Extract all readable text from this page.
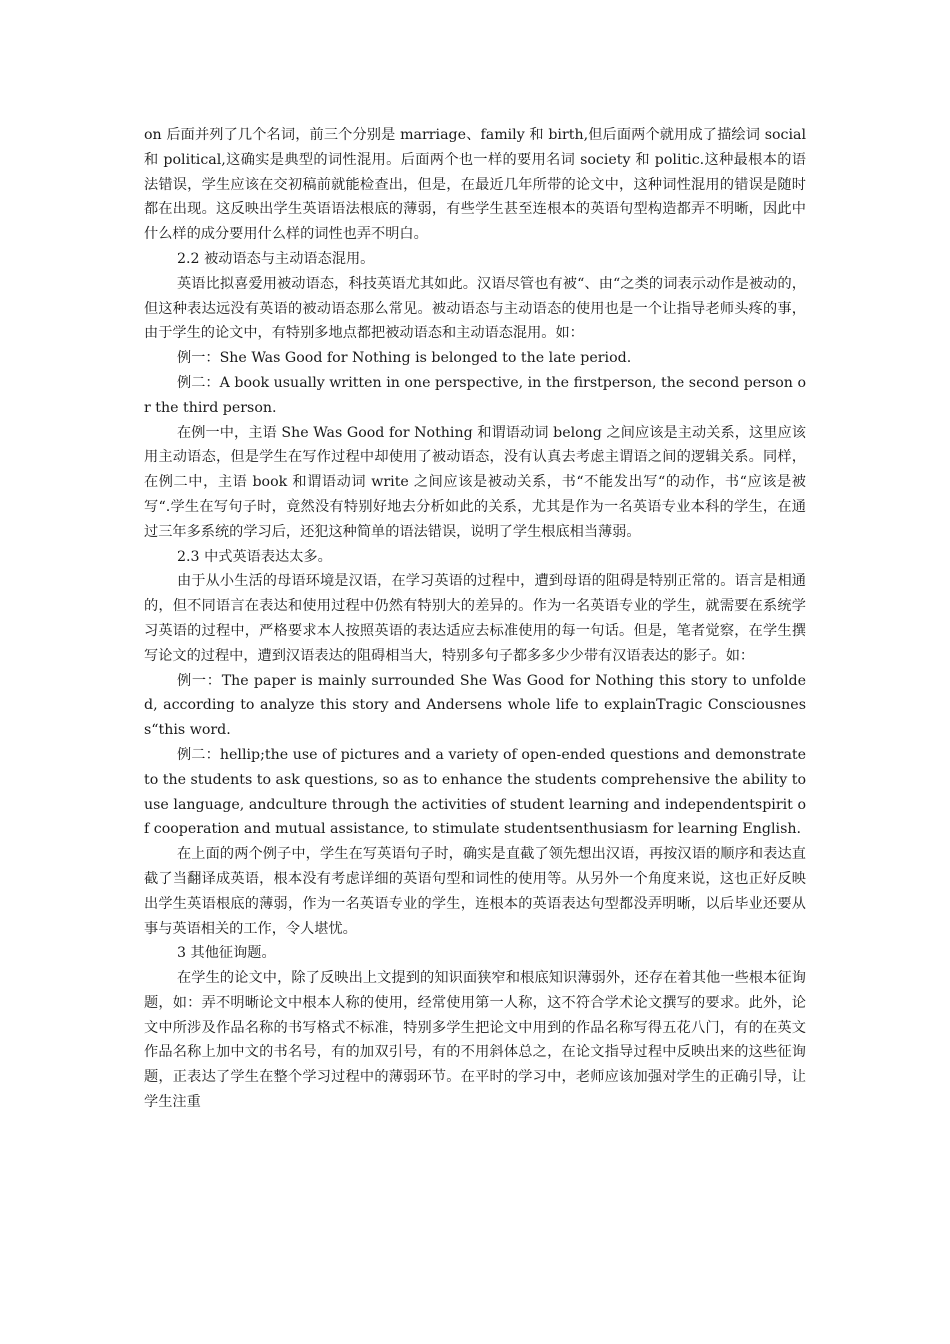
on 后面并列了几个名词，前三个分别是 marriage、family 和 birth,但后面两个就用成了描绘词 social 和 political,这确实是典型的词性混用。后面两个也一样的要用名词 society 和 politic.这种最根本的语法错误，学生应该在交初稿前就能检查出，但是，在最近几年所带的论文中，这种词性混用的错误是随时都在出现。这反映出学生英语语法根底的薄弱，有些学生甚至连根本的英语句型构造都弄不明晰，因此中什么样的成分要用什么样的词性也弄不明白。

2.2 被动语态与主动语态混用。

英语比拟喜爱用被动语态，科技英语尤其如此。汉语尽管也有被“、由“之类的词表示动作是被动的，但这种表达远没有英语的被动语态那么常见。被动语态与主动语态的使用也是一个让指导老师头疼的事，由于学生的论文中，有特别多地点都把被动语态和主动语态混用。如：

例一：She Was Good for Nothing is belonged to the late period.

例二：A book usually written in one perspective, in the firstperson, the second person or the third person.

在例一中，主语 She Was Good for Nothing 和谓语动词 belong 之间应该是主动关系，这里应该用主动语态，但是学生在写作过程中却使用了被动语态，没有认真去考虑主谓语之间的逻辑关系。同样，在例二中，主语 book 和谓语动词 write 之间应该是被动关系，书“不能发出写“的动作，书“应该是被写“.学生在写句子时，竟然没有特别好地去分析如此的关系，尤其是作为一名英语专业本科的学生，在通过三年多系统的学习后，还犯这种简单的语法错误，说明了学生根底相当薄弱。

2.3 中式英语表达太多。

由于从小生活的母语环境是汉语，在学习英语的过程中，遭到母语的阻碍是特别正常的。语言是相通的，但不同语言在表达和使用过程中仍然有特别大的差异的。作为一名英语专业的学生，就需要在系统学习英语的过程中，严格要求本人按照英语的表达适应去标准使用的每一句话。但是，笔者觉察，在学生撰写论文的过程中，遭到汉语表达的阻碍相当大，特别多句子都多多少少带有汉语表达的影子。如：

例一：The paper is mainly surrounded She Was Good for Nothing this story to unfolded, according to analyze this story and Andersens whole life to explainTragic Consciousness“this word.

例二：hellip;the use of pictures and a variety of open-ended questions and demonstrate to the students to ask questions, so as to enhance the students comprehensive the ability to use language, andculture through the activities of student learning and independentspirit of cooperation and mutual assistance, to stimulate studentsenthusiasm for learning English.

在上面的两个例子中，学生在写英语句子时，确实是直截了领先想出汉语，再按汉语的顺序和表达直截了当翻译成英语，根本没有考虑详细的英语句型和词性的使用等。从另外一个角度来说，这也正好反映出学生英语根底的薄弱，作为一名英语专业的学生，连根本的英语表达句型都没弄明晰，以后毕业还要从事与英语相关的工作，令人堪忧。

3 其他征询题。

在学生的论文中，除了反映出上文提到的知识面狭窄和根底知识薄弱外，还存在着其他一些根本征询题，如：弄不明晰论文中根本人称的使用，经常使用第一人称，这不符合学术论文撰写的要求。此外，论文中所涉及作品名称的书写格式不标准，特别多学生把论文中用到的作品名称写得五花八门，有的在英文作品名称上加中文的书名号，有的加双引号，有的不用斜体总之，在论文指导过程中反映出来的这些征询题，正表达了学生在整个学习过程中的薄弱环节。在平时的学习中，老师应该加强对学生的正确引导，让学生注重
